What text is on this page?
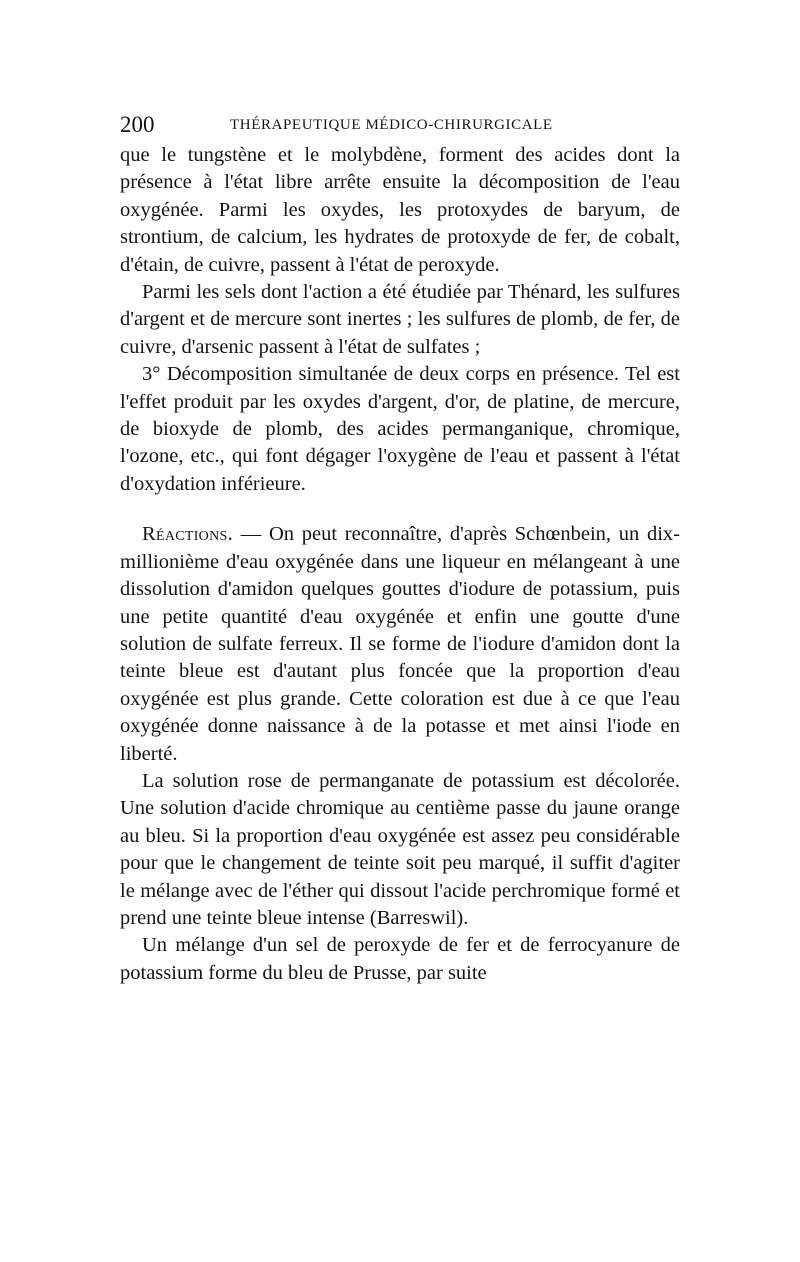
200	THÉRAPEUTIQUE MÉDICO-CHIRURGICALE

que le tungstène et le molybdène, forment des acides dont la présence à l'état libre arrête ensuite la décomposition de l'eau oxygénée. Parmi les oxydes, les protoxydes de baryum, de strontium, de calcium, les hydrates de protoxyde de fer, de cobalt, d'étain, de cuivre, passent à l'état de peroxyde.

Parmi les sels dont l'action a été étudiée par Thénard, les sulfures d'argent et de mercure sont inertes ; les sulfures de plomb, de fer, de cuivre, d'arsenic passent à l'état de sulfates ;

3° Décomposition simultanée de deux corps en présence. Tel est l'effet produit par les oxydes d'argent, d'or, de platine, de mercure, de bioxyde de plomb, des acides permanganique, chromique, l'ozone, etc., qui font dégager l'oxygène de l'eau et passent à l'état d'oxydation inférieure.

Réactions. — On peut reconnaître, d'après Schœnbein, un dix-millionième d'eau oxygénée dans une liqueur en mélangeant à une dissolution d'amidon quelques gouttes d'iodure de potassium, puis une petite quantité d'eau oxygénée et enfin une goutte d'une solution de sulfate ferreux. Il se forme de l'iodure d'amidon dont la teinte bleue est d'autant plus foncée que la proportion d'eau oxygénée est plus grande. Cette coloration est due à ce que l'eau oxygénée donne naissance à de la potasse et met ainsi l'iode en liberté.

La solution rose de permanganate de potassium est décolorée. Une solution d'acide chromique au centième passe du jaune orange au bleu. Si la proportion d'eau oxygénée est assez peu considérable pour que le changement de teinte soit peu marqué, il suffit d'agiter le mélange avec de l'éther qui dissout l'acide perchromique formé et prend une teinte bleue intense (Barreswil).

Un mélange d'un sel de peroxyde de fer et de ferrocyanure de potassium forme du bleu de Prusse, par suite
